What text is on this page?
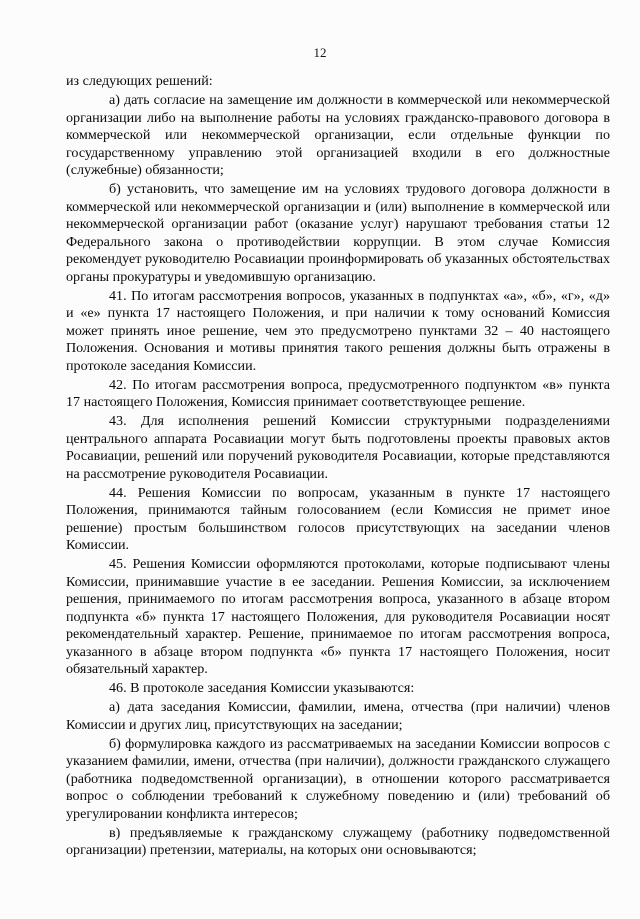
12

из следующих решений:

а) дать согласие на замещение им должности в коммерческой или некоммерческой организации либо на выполнение работы на условиях гражданско-правового договора в коммерческой или некоммерческой организации, если отдельные функции по государственному управлению этой организацией входили в его должностные (служебные) обязанности;

б) установить, что замещение им на условиях трудового договора должности в коммерческой или некоммерческой организации и (или) выполнение в коммерческой или некоммерческой организации работ (оказание услуг) нарушают требования статьи 12 Федерального закона о противодействии коррупции. В этом случае Комиссия рекомендует руководителю Росавиации проинформировать об указанных обстоятельствах органы прокуратуры и уведомившую организацию.

41. По итогам рассмотрения вопросов, указанных в подпунктах «а», «б», «г», «д» и «е» пункта 17 настоящего Положения, и при наличии к тому оснований Комиссия может принять иное решение, чем это предусмотрено пунктами 32 – 40 настоящего Положения. Основания и мотивы принятия такого решения должны быть отражены в протоколе заседания Комиссии.

42. По итогам рассмотрения вопроса, предусмотренного подпунктом «в» пункта 17 настоящего Положения, Комиссия принимает соответствующее решение.

43. Для исполнения решений Комиссии структурными подразделениями центрального аппарата Росавиации могут быть подготовлены проекты правовых актов Росавиации, решений или поручений руководителя Росавиации, которые представляются на рассмотрение руководителя Росавиации.

44. Решения Комиссии по вопросам, указанным в пункте 17 настоящего Положения, принимаются тайным голосованием (если Комиссия не примет иное решение) простым большинством голосов присутствующих на заседании членов Комиссии.

45. Решения Комиссии оформляются протоколами, которые подписывают члены Комиссии, принимавшие участие в ее заседании. Решения Комиссии, за исключением решения, принимаемого по итогам рассмотрения вопроса, указанного в абзаце втором подпункта «б» пункта 17 настоящего Положения, для руководителя Росавиации носят рекомендательный характер. Решение, принимаемое по итогам рассмотрения вопроса, указанного в абзаце втором подпункта «б» пункта 17 настоящего Положения, носит обязательный характер.

46. В протоколе заседания Комиссии указываются:

а) дата заседания Комиссии, фамилии, имена, отчества (при наличии) членов Комиссии и других лиц, присутствующих на заседании;

б) формулировка каждого из рассматриваемых на заседании Комиссии вопросов с указанием фамилии, имени, отчества (при наличии), должности гражданского служащего (работника подведомственной организации), в отношении которого рассматривается вопрос о соблюдении требований к служебному поведению и (или) требований об урегулировании конфликта интересов;

в) предъявляемые к гражданскому служащему (работнику подведомственной организации) претензии, материалы, на которых они основываются;
